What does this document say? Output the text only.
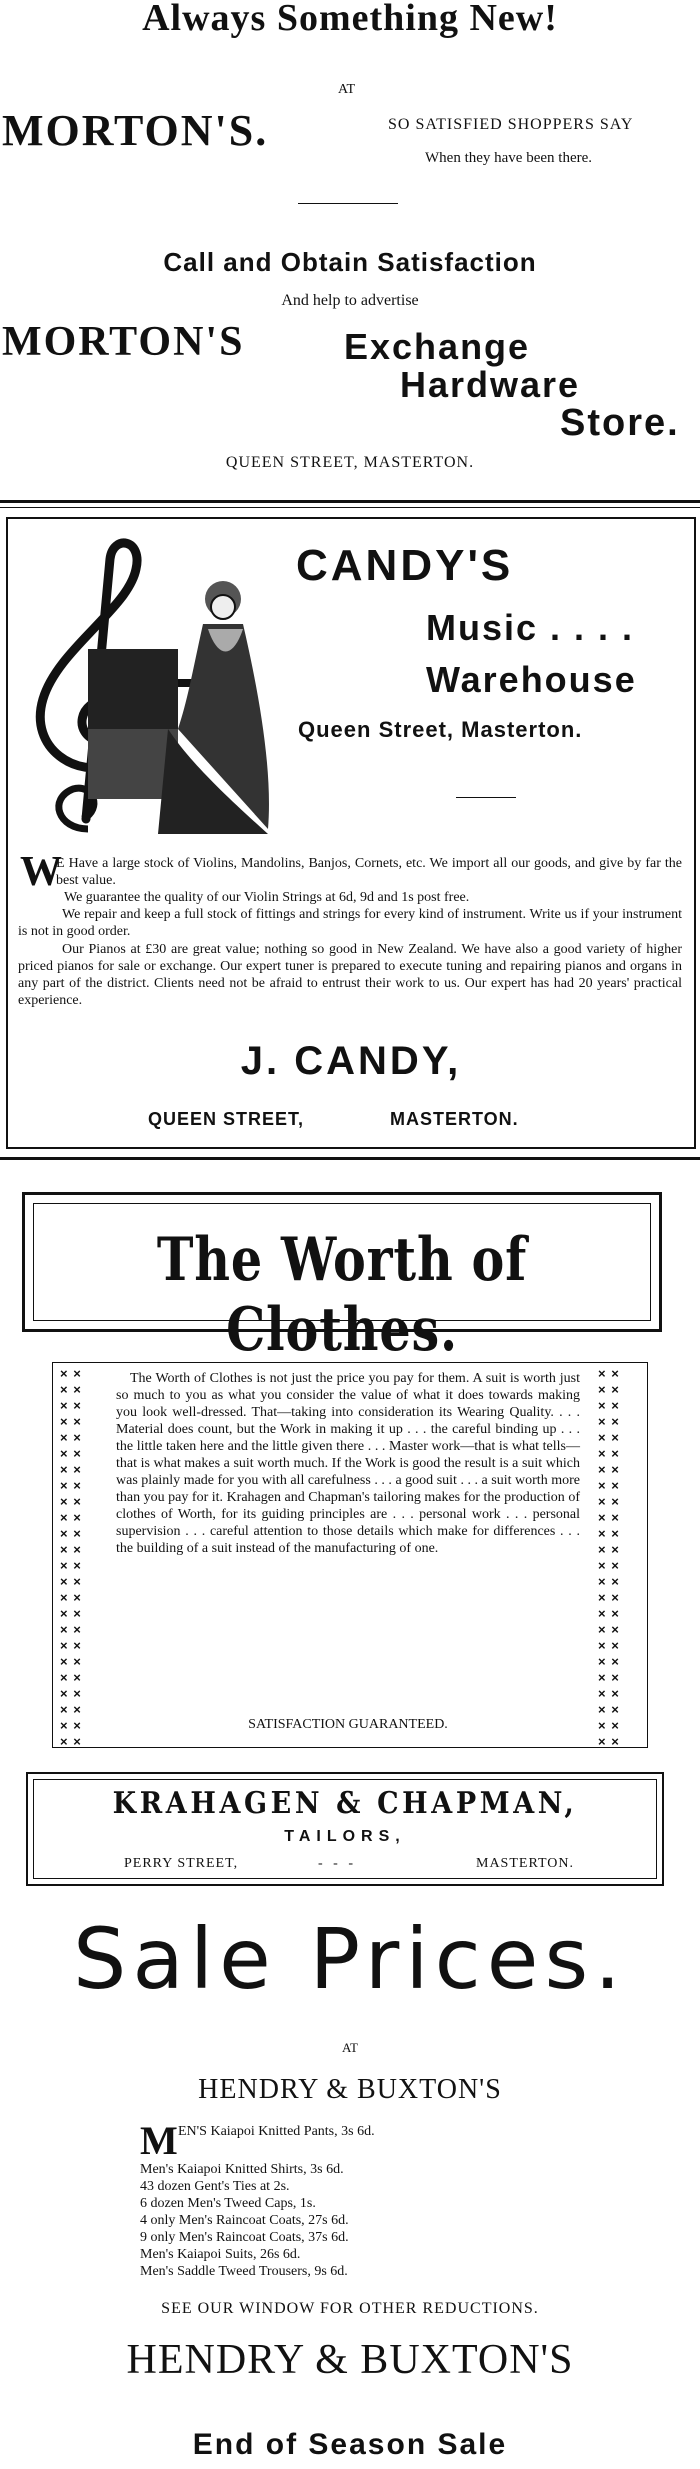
Always Something New!
AT
MORTON'S.	SO SATISFIED SHOPPERS SAY
When they have been there.
Call and Obtain Satisfaction
And help to advertise
MORTON'S	Exchange
Hardware
Store.
QUEEN STREET, MASTERTON.
CANDY'S
Music . . . .
Warehouse
Queen Street, Masterton.
W
E Have a large stock of Violins, Mandolins, Banjos, Cornets, etc. We import all our goods, and give by far the best value.
We guarantee the quality of our Violin Strings at 6d, 9d and 1s post free.
We repair and keep a full stock of fittings and strings for every kind of instrument. Write us if your instrument is not in good order.
Our Pianos at £30 are great value; nothing so good in New Zealand. We have also a good variety of higher priced pianos for sale or exchange. Our expert tuner is prepared to execute tuning and repairing pianos and organs in any part of the district. Clients need not be afraid to entrust their work to us. Our expert has had 20 years' practical experience.
J. CANDY,
QUEEN STREET,	MASTERTON.
The Worth of Clothes.
× ×
× ×
× ×
× ×
× ×
× ×
× ×
× ×
× ×
× ×
× ×
× ×
× ×
× ×
× ×
× ×
× ×
× ×
× ×
× ×
× ×
× ×
× ×
× ×
× ×
× ×
× ×
× ×
× ×
× ×
× ×
× ×
× ×
× ×
× ×
× ×
× ×
× ×
× ×
× ×
× ×
× ×
× ×
× ×
× ×
× ×
× ×
× ×
The Worth of Clothes is not just the price you pay for them. A suit is worth just so much to you as what you consider the value of what it does towards making you look well-dressed. That—taking into consideration its Wearing Quality. . . . Material does count, but the Work in making it up . . . the careful binding up . . . the little taken here and the little given there . . . Master work—that is what tells—that is what makes a suit worth much. If the Work is good the result is a suit which was plainly made for you with all carefulness . . . a good suit . . . a suit worth more than you pay for it. Krahagen and Chapman's tailoring makes for the production of clothes of Worth, for its guiding principles are . . . personal work . . . personal supervision . . . careful attention to those details which make for differences . . . the building of a suit instead of the manufacturing of one.
SATISFACTION GUARANTEED.
KRAHAGEN & CHAPMAN,
TAILORS,
PERRY STREET,	-   -   -	MASTERTON.
Sale Prices.
AT
HENDRY & BUXTON'S
M EN'S Kaiapoi Knitted Pants, 3s 6d.
Men's Kaiapoi Knitted Shirts, 3s 6d.
43 dozen Gent's Ties at 2s.
6 dozen Men's Tweed Caps, 1s.
4 only Men's Raincoat Coats, 27s 6d.
9 only Men's Raincoat Coats, 37s 6d.
Men's Kaiapoi Suits, 26s 6d.
Men's Saddle Tweed Trousers, 9s 6d.
SEE OUR WINDOW FOR OTHER REDUCTIONS.
HENDRY & BUXTON'S
End of Season Sale
